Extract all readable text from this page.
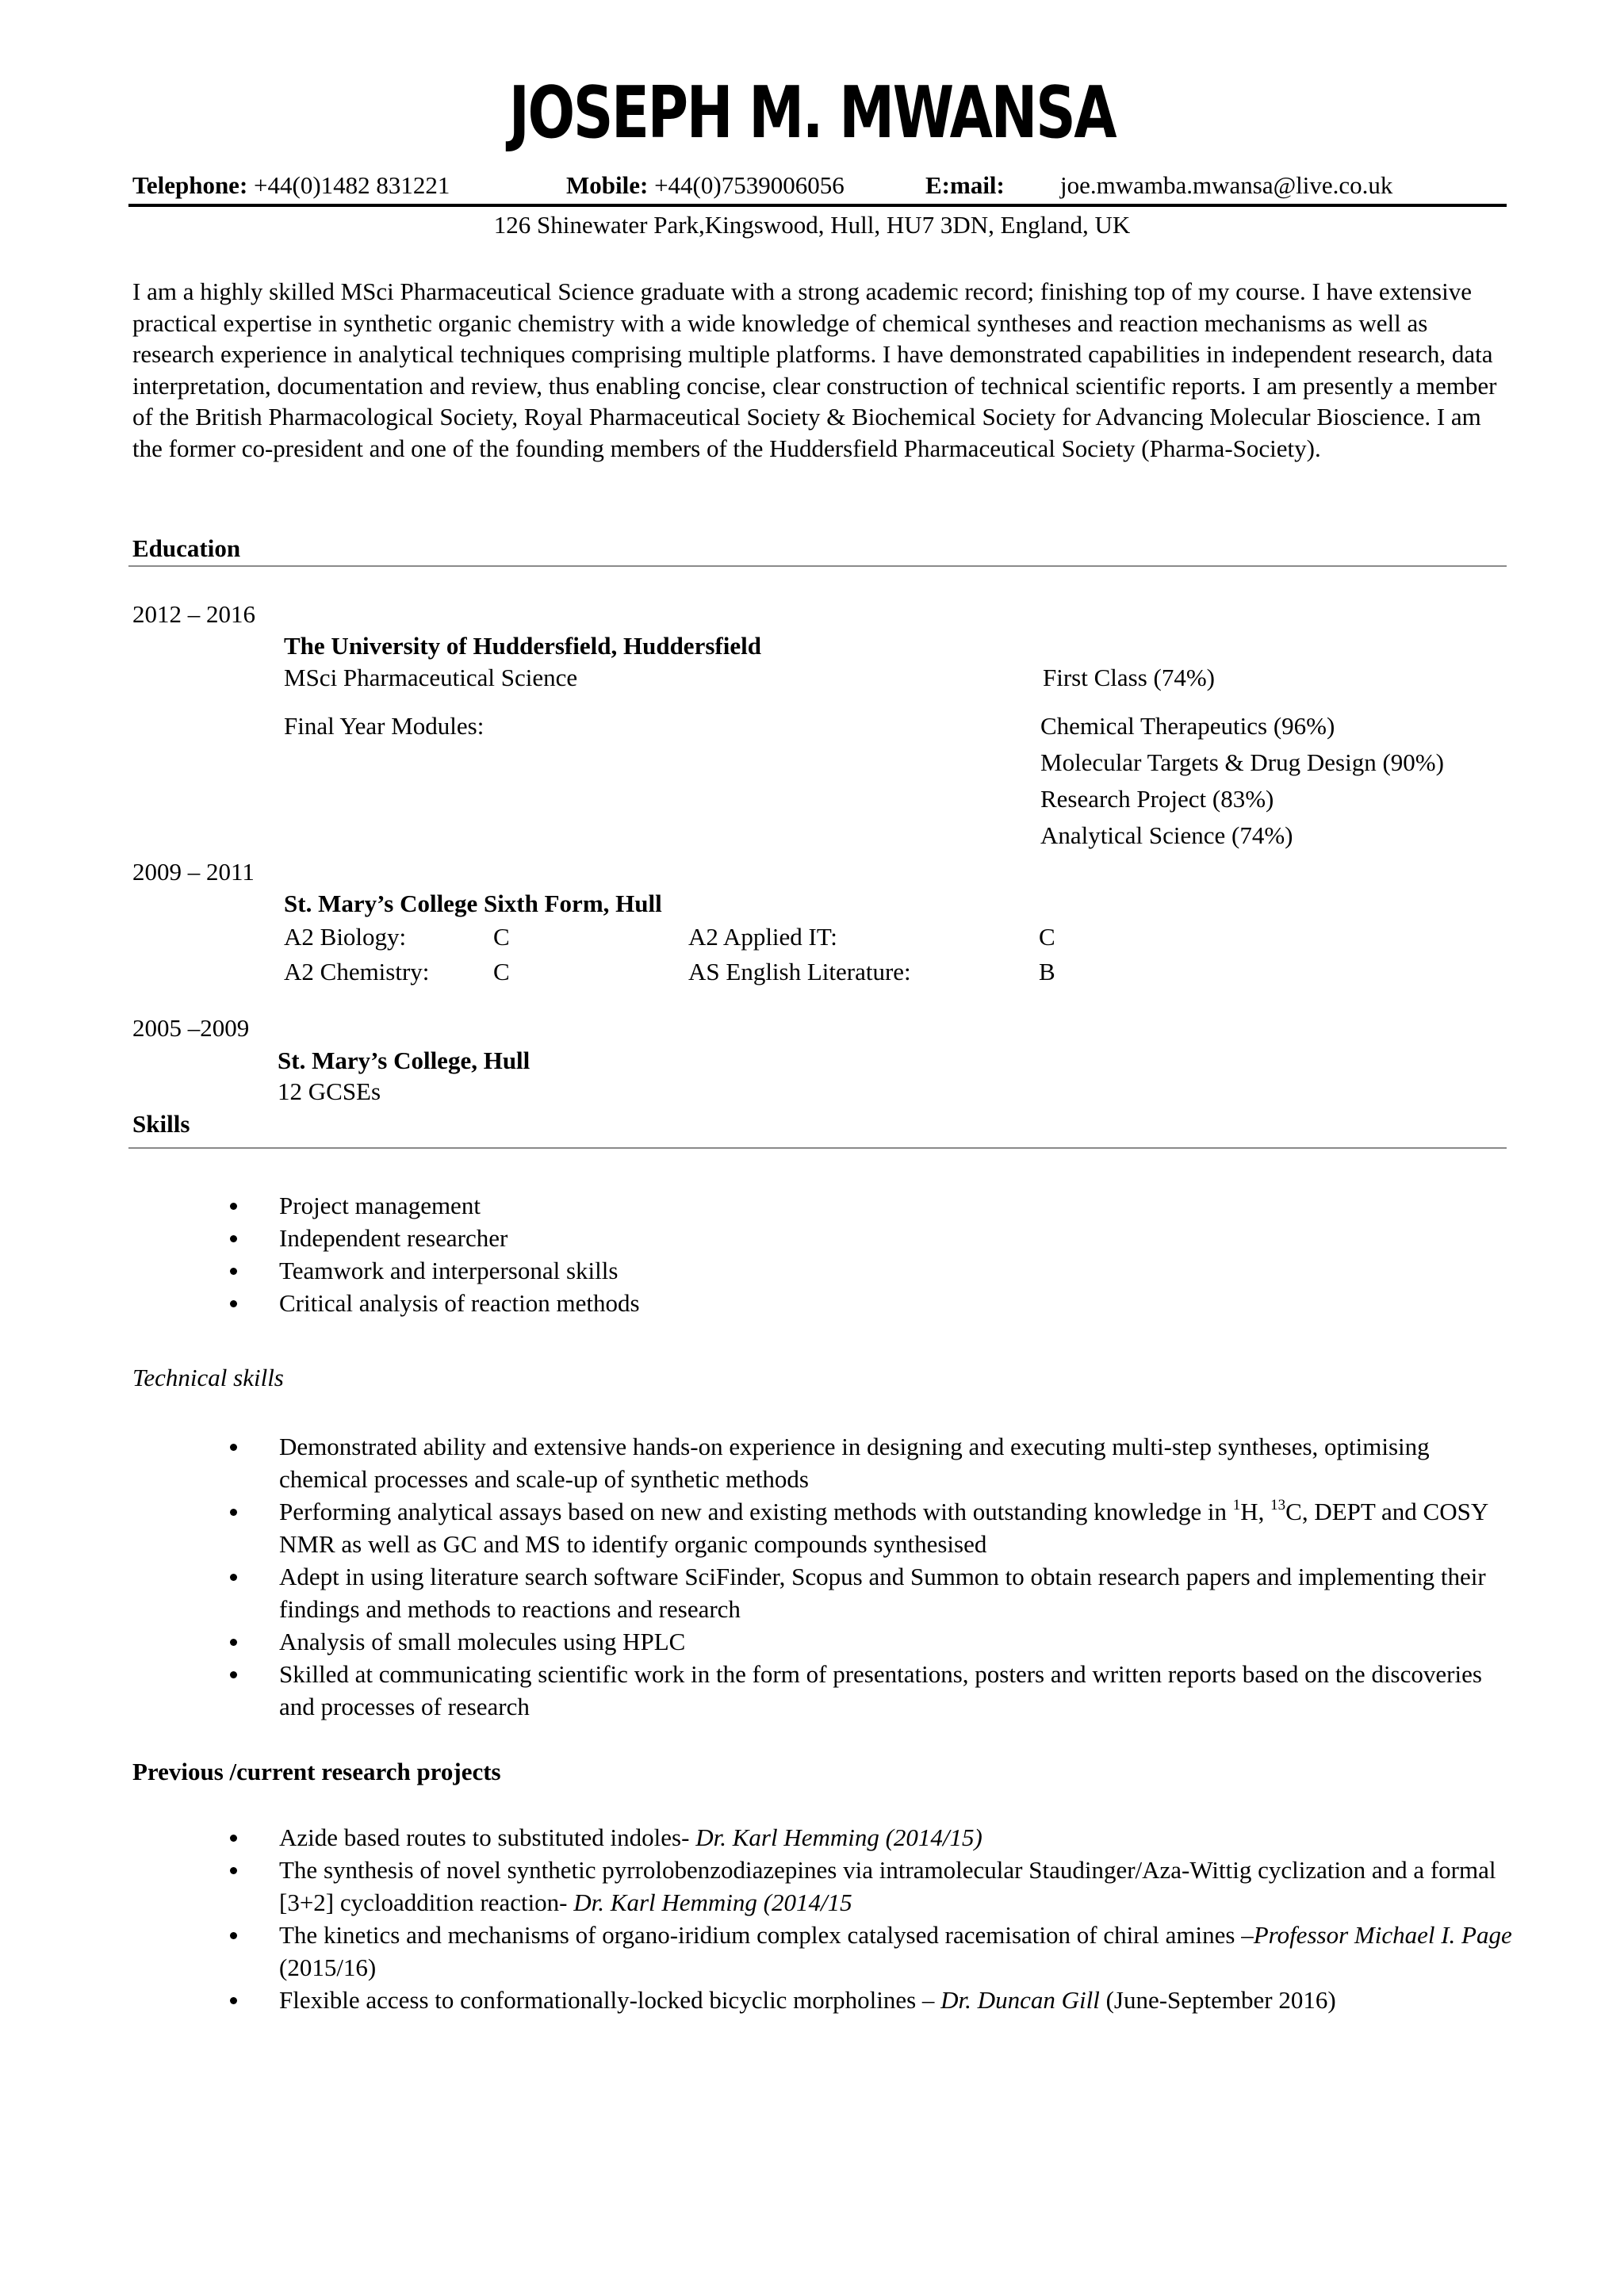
JOSEPH M. MWANSA
Telephone: +44(0)1482 831221	Mobile: +44(0)7539006056	E:mail: joe.mwamba.mwansa@live.co.uk
126 Shinewater Park,Kingswood, Hull, HU7 3DN, England, UK
I am a highly skilled MSci Pharmaceutical Science graduate with a strong academic record; finishing top of my course. I have extensive practical expertise in synthetic organic chemistry with a wide knowledge of chemical syntheses and reaction mechanisms as well as research experience in analytical techniques comprising multiple platforms. I have demonstrated capabilities in independent research, data interpretation, documentation and review, thus enabling concise, clear construction of technical scientific reports. I am presently a member of the British Pharmacological Society, Royal Pharmaceutical Society & Biochemical Society for Advancing Molecular Bioscience. I am the former co-president and one of the founding members of the Huddersfield Pharmaceutical Society (Pharma-Society).
Education
2012 – 2016
The University of Huddersfield, Huddersfield
MSci Pharmaceutical Science	First Class (74%)
Final Year Modules:	Chemical Therapeutics (96%)
Molecular Targets & Drug Design (90%)
Research Project (83%)
Analytical Science (74%)
2009 – 2011
St. Mary’s College Sixth Form, Hull
A2 Biology:	C	A2 Applied IT:	C
A2 Chemistry:	C	AS English Literature:	B
2005 –2009
St. Mary’s College, Hull
12 GCSEs
Skills
Project management
Independent researcher
Teamwork and interpersonal skills
Critical analysis of reaction methods
Technical skills
Demonstrated ability and extensive hands-on experience in designing and executing multi-step syntheses, optimising chemical processes and scale-up of synthetic methods
Performing analytical assays based on new and existing methods with outstanding knowledge in $^1$H, $^{13}$C, DEPT and COSY NMR as well as GC and MS to identify organic compounds synthesised
Adept in using literature search software SciFinder, Scopus and Summon to obtain research papers and implementing their findings and methods to reactions and research
Analysis of small molecules using HPLC
Skilled at communicating scientific work in the form of presentations, posters and written reports based on the discoveries and processes of research
Previous /current research projects
Azide based routes to substituted indoles- Dr. Karl Hemming (2014/15)
The synthesis of novel synthetic pyrrolobenzodiazepines via intramolecular Staudinger/Aza-Wittig cyclization and a formal [3+2] cycloaddition reaction- Dr. Karl Hemming (2014/15
The kinetics and mechanisms of organo-iridium complex catalysed racemisation of chiral amines –Professor Michael I. Page (2015/16)
Flexible access to conformationally-locked bicyclic morpholines – Dr. Duncan Gill (June-September 2016)
